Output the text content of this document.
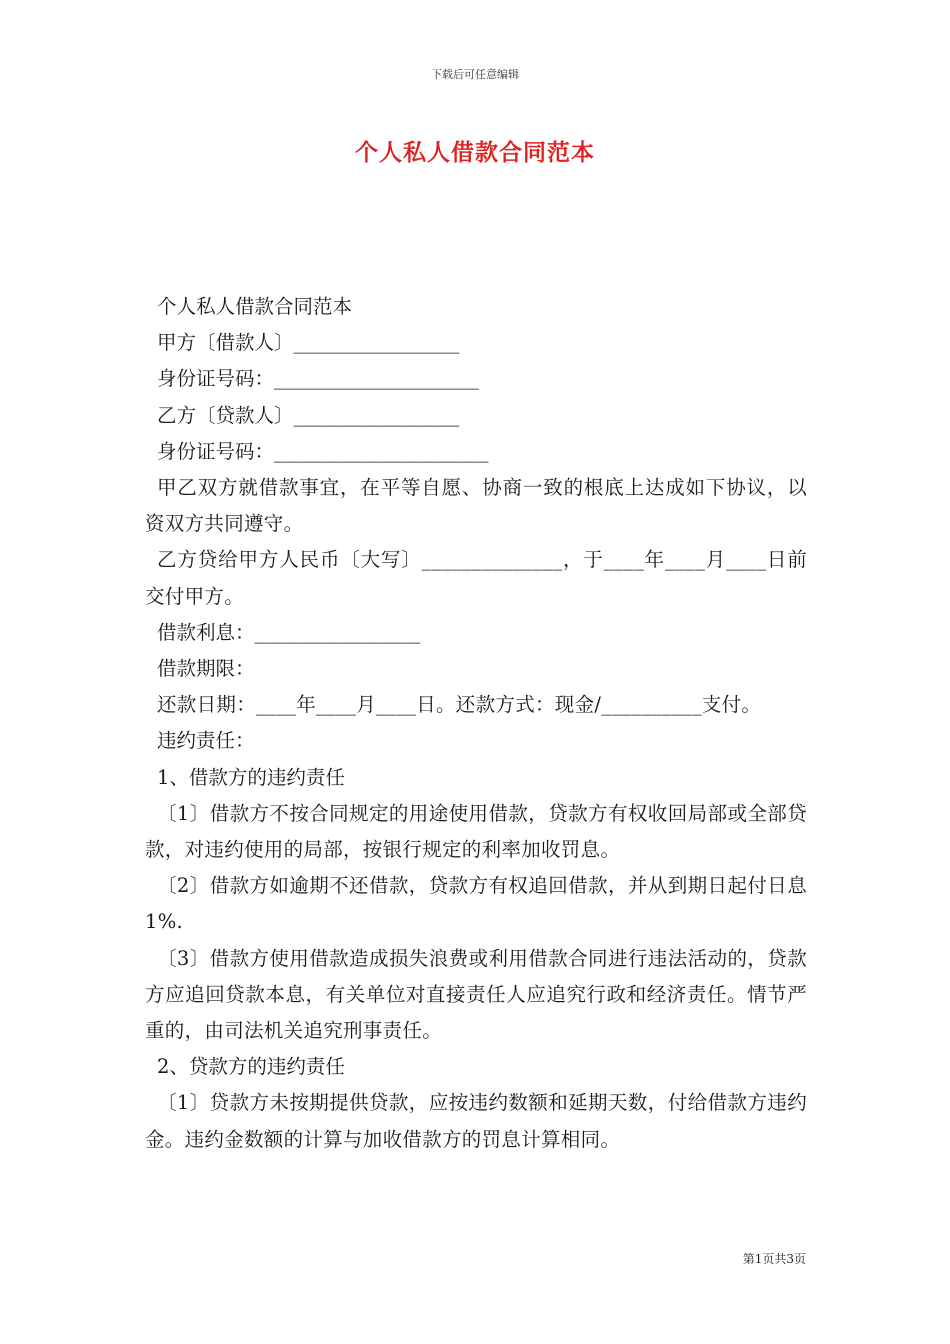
下载后可任意编辑
个人私人借款合同范本

个人私人借款合同范本

甲方〔借款人〕_________________

身份证号码：_____________________

乙方〔贷款人〕_________________

身份证号码：______________________

甲乙双方就借款事宜，在平等自愿、协商一致的根底上达成如下协议，以资双方共同遵守。

乙方贷给甲方人民币〔大写〕______________，于____年____月____日前交付甲方。

借款利息：_________________

借款期限：

还款日期：____年____月____日。还款方式：现金/__________支付。

违约责任：

1、借款方的违约责任

〔1〕借款方不按合同规定的用途使用借款，贷款方有权收回局部或全部贷款，对违约使用的局部，按银行规定的利率加收罚息。

〔2〕借款方如逾期不还借款，贷款方有权追回借款，并从到期日起付日息1%.

〔3〕借款方使用借款造成损失浪费或利用借款合同进行违法活动的，贷款方应追回贷款本息，有关单位对直接责任人应追究行政和经济责任。情节严重的，由司法机关追究刑事责任。

2、贷款方的违约责任

〔1〕贷款方未按期提供贷款，应按违约数额和延期天数，付给借款方违约金。违约金数额的计算与加收借款方的罚息计算相同。

第1页共3页
